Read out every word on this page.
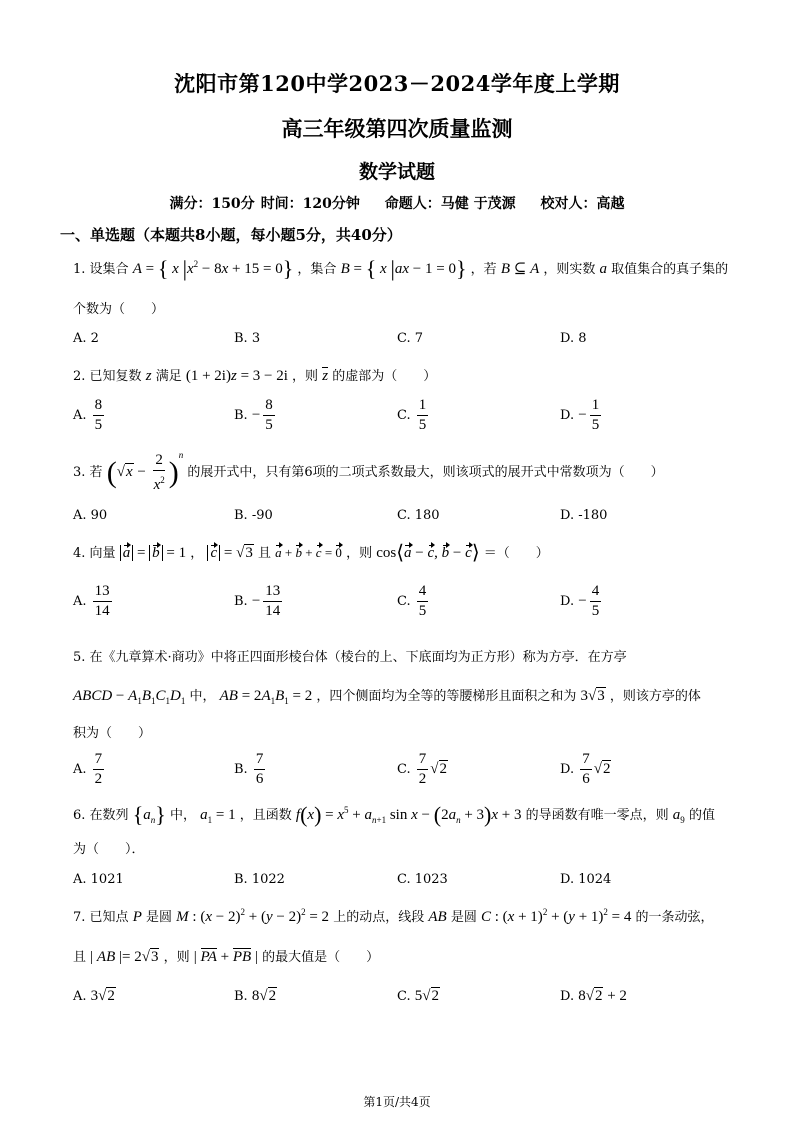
沈阳市第120中学2023－2024学年度上学期
高三年级第四次质量监测
数学试题
满分：150分 时间：120分钟 命题人：马健 于茂源 校对人：高越
一、单选题（本题共8小题，每小题5分，共40分）
1. 设集合 A = { x $|x^2 - 8x + 15 = 0$} ，集合 B = { x |ax − 1 = 0} ，若 B ⊆ A ，则实数 a 取值集合的真子集的
个数为（　　）
A. 2	B. 3	C. 7	D. 8
2. 已知复数 z 满足 (1 + 2i)z = 3 − 2i ，则 z 的虚部为（　　）
A. $\frac{8}{5}$	B. − $\frac{8}{5}$	C. $\frac{1}{5}$	D. − $\frac{1}{5}$
3. 若 $(√x - \frac{2}{x^2} )^n$ 的展开式中，只有第6项的二项式系数最大，则该项式的展开式中常数项为（　　）
A. 90	B. -90	C. 180	D. -180
4. 向量 a = b = 1 ， c = √3 且 a + b + c = 0 ，则 cos⟨a − c, b − c⟩ ＝（　　）
A. $\frac{13}{14}$	B. − $\frac{13}{14}$	C. $\frac{4}{5}$	D. − $\frac{4}{5}$
5. 在《九章算术·商功》中将正四面形棱台体（棱台的上、下底面均为正方形）称为方亭．在方亭
ABCD − $A_1B_1C_1D_1$ 中， AB = $2A_1B_1 = 2$ ，四个侧面均为全等的等腰梯形且面积之和为 3√3 ，则该方亭的体
积为（　　）
A. $\frac{7}{2}$	B. $\frac{7}{6}$	C. $\frac{7}{2} √2$	D. $\frac{7}{6} √2$
6. 在数列 $\{a_n\}$ 中， $a_1 = 1$ ，且函数 $f(x) = x^5 + a_{n+1}$ $\sin x - (2a_n + 3)x + 3$ 的导函数有唯一零点，则 $a_9$ 的值
为（　　）．
A. 1021	B. 1022	C. 1023	D. 1024
7. 已知点 P 是圆 M : $(x - 2)^2 + (y - 2)^2 = 2$ 上的动点，线段 AB 是圆 C : $(x + 1)^2 + (y + 1)^2 = 4$ 的一条动弦，
且 | AB |= 2√3 ，则 | PA + PB | 的最大值是（　　）
A. 3√2	B. 8√2	C. 5√2	D. 8√2 + 2
第1页/共4页
